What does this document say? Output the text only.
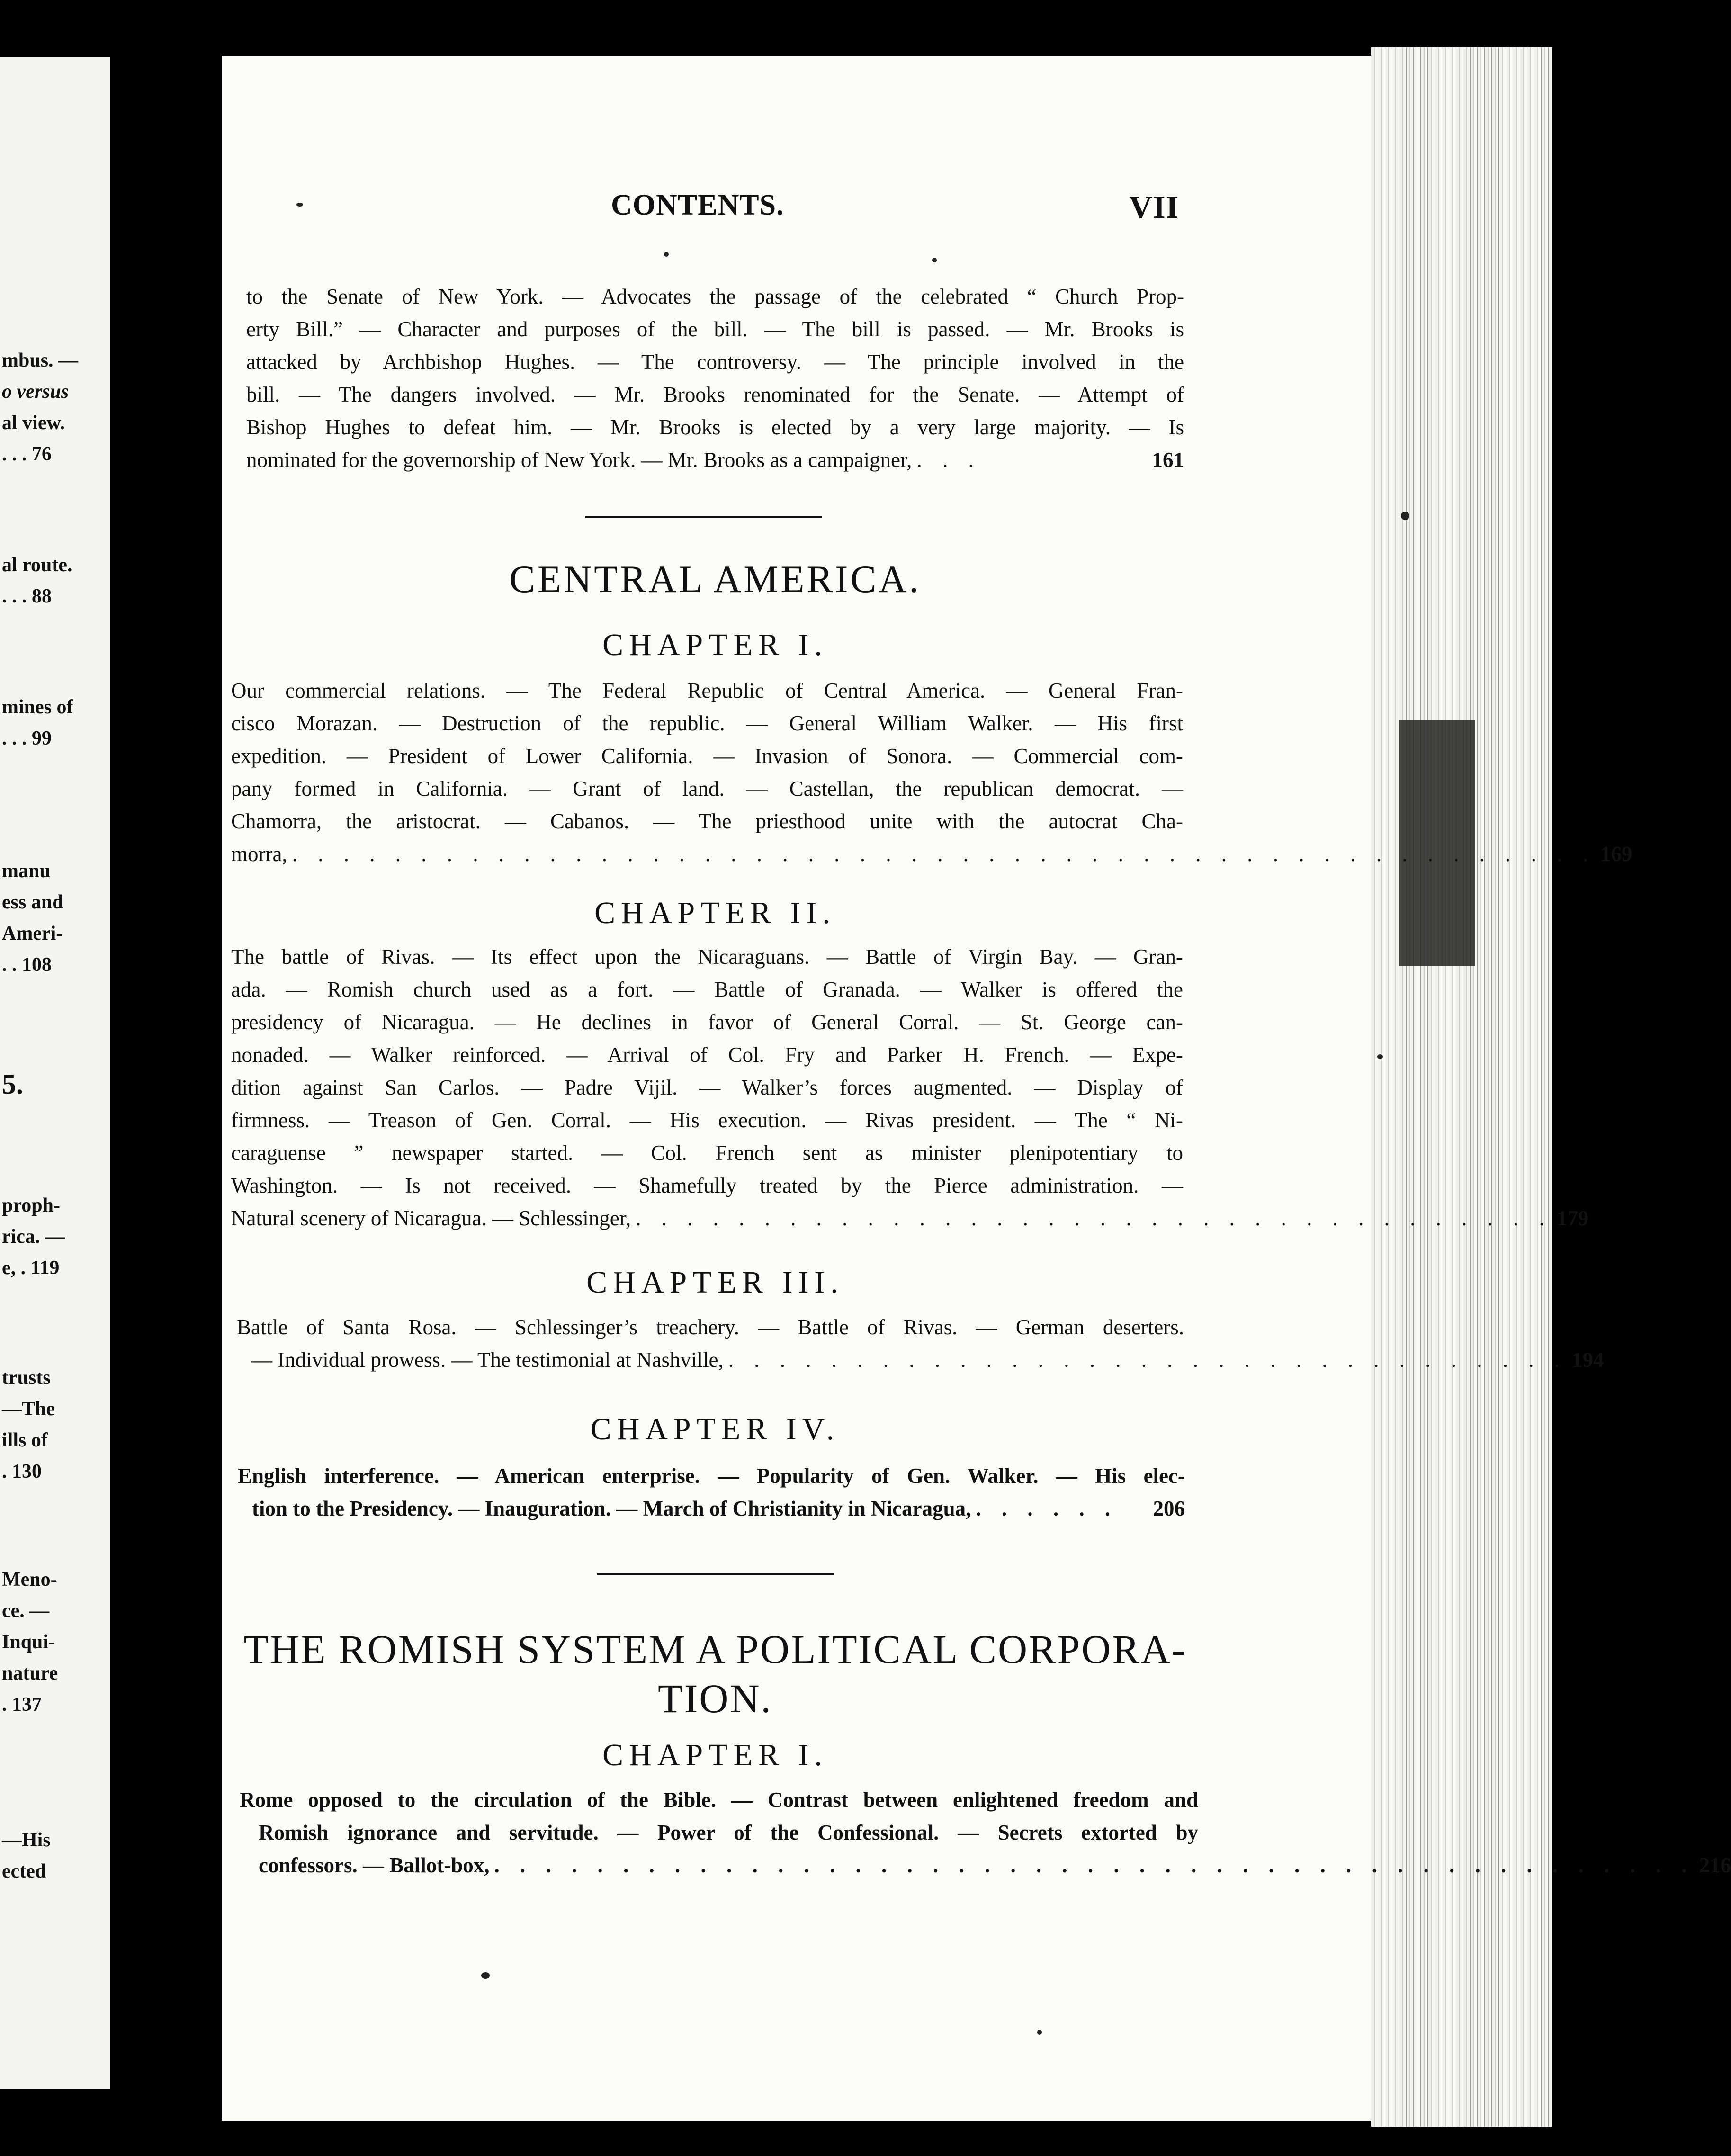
mbus. —
o versus
al view.
. . . 76
al route.
. . . 88
mines of
. . . 99
manu
ess and
Ameri-
. . 108
5.
proph-
rica. —
e, . 119
trusts
—The
ills of
. 130
Meno-
ce. —
Inqui-
nature
. 137
—His
ected
CONTENTS.	VII
to the Senate of New York. — Advocates the passage of the celebrated “ Church Prop-
erty Bill.” — Character and purposes of the bill. — The bill is passed. — Mr. Brooks is
attacked by Archbishop Hughes. — The controversy. — The principle involved in the
bill. — The dangers involved. — Mr. Brooks renominated for the Senate. — Attempt of
Bishop Hughes to defeat him. — Mr. Brooks is elected by a very large majority. — Is
nominated for the governorship of New York. — Mr. Brooks as a campaigner, . . .	161
CENTRAL AMERICA.
CHAPTER I.
Our commercial relations. — The Federal Republic of Central America. — General Fran-
cisco Morazan. — Destruction of the republic. — General William Walker. — His first
expedition. — President of Lower California. — Invasion of Sonora. — Commercial com-
pany formed in California. — Grant of land. — Castellan, the republican democrat. —
Chamorra, the aristocrat. — Cabanos. — The priesthood unite with the autocrat Cha-
morra, . . . . . . . . . . . . . . . . . . . . . . . . . . . . . . . . . . . . . . . . . . . . . . . . . . . 169
CHAPTER II.
The battle of Rivas. — Its effect upon the Nicaraguans. — Battle of Virgin Bay. — Gran-
ada. — Romish church used as a fort. — Battle of Granada. — Walker is offered the
presidency of Nicaragua. — He declines in favor of General Corral. — St. George can-
nonaded. — Walker reinforced. — Arrival of Col. Fry and Parker H. French. — Expe-
dition against San Carlos. — Padre Vijil. — Walker’s forces augmented. — Display of
firmness. — Treason of Gen. Corral. — His execution. — Rivas president. — The “ Ni-
caraguense ” newspaper started. — Col. French sent as minister plenipotentiary to
Washington. — Is not received. — Shamefully treated by the Pierce administration. —
Natural scenery of Nicaragua. — Schlessinger, . . . . . . . . . . . . . . . . . . . . . . . . . . . . . . . . . . . . 179
CHAPTER III.
Battle of Santa Rosa. — Schlessinger’s treachery. — Battle of Rivas. — German deserters.
— Individual prowess. — The testimonial at Nashville, . . . . . . . . . . . . . . . . . . . . . . . . . . . . . . . . . 194
CHAPTER IV.
English interference. — American enterprise. — Popularity of Gen. Walker. — His elec-
tion to the Presidency. — Inauguration. — March of Christianity in Nicaragua, . . . . . .	206
THE ROMISH SYSTEM A POLITICAL CORPORA-
TION.
CHAPTER I.
Rome opposed to the circulation of the Bible. — Contrast between enlightened freedom and
Romish ignorance and servitude. — Power of the Confessional. — Secrets extorted by
confessors. — Ballot-box, . . . . . . . . . . . . . . . . . . . . . . . . . . . . . . . . . . . . . . . . . . . . . . . 216
